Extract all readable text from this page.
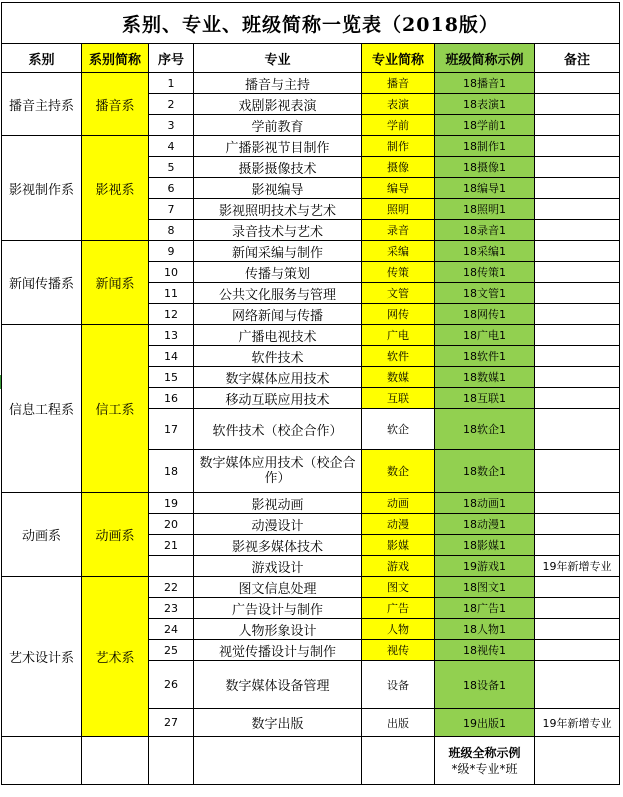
系别、专业、班级简称一览表（2018版）						
系别	系别简称	序号	专业	专业简称	班级简称示例	备注
播音主持系	播音系	1	播音与主持	播音	18播音1	
		2	戏剧影视表演	表演	18表演1	
		3	学前教育	学前	18学前1	
影视制作系	影视系	4	广播影视节目制作	制作	18制作1	
		5	摄影摄像技术	摄像	18摄像1	
		6	影视编导	编导	18编导1	
		7	影视照明技术与艺术	照明	18照明1	
		8	录音技术与艺术	录音	18录音1	
新闻传播系	新闻系	9	新闻采编与制作	采编	18采编1	
		10	传播与策划	传策	18传策1	
		11	公共文化服务与管理	文管	18文管1	
		12	网络新闻与传播	网传	18网传1	
信息工程系	信工系	13	广播电视技术	广电	18广电1	
		14	软件技术	软件	18软件1	
		15	数字媒体应用技术	数媒	18数媒1	
		16	移动互联应用技术	互联	18互联1	
		17	软件技术（校企合作）	软企	18软企1	
		18	数字媒体应用技术（校企合作）	数企	18数企1	
动画系	动画系	19	影视动画	动画	18动画1	
		20	动漫设计	动漫	18动漫1	
		21	影视多媒体技术	影媒	18影媒1	
			游戏设计	游戏	19游戏1	19年新增专业
艺术设计系	艺术系	22	图文信息处理	图文	18图文1	
		23	广告设计与制作	广告	18广告1	
		24	人物形象设计	人物	18人物1	
		25	视觉传播设计与制作	视传	18视传1	
		26	数字媒体设备管理	设备	18设备1	
		27	数字出版	出版	19出版1	19年新增专业

					班级全称示例
*级*专业*班	
